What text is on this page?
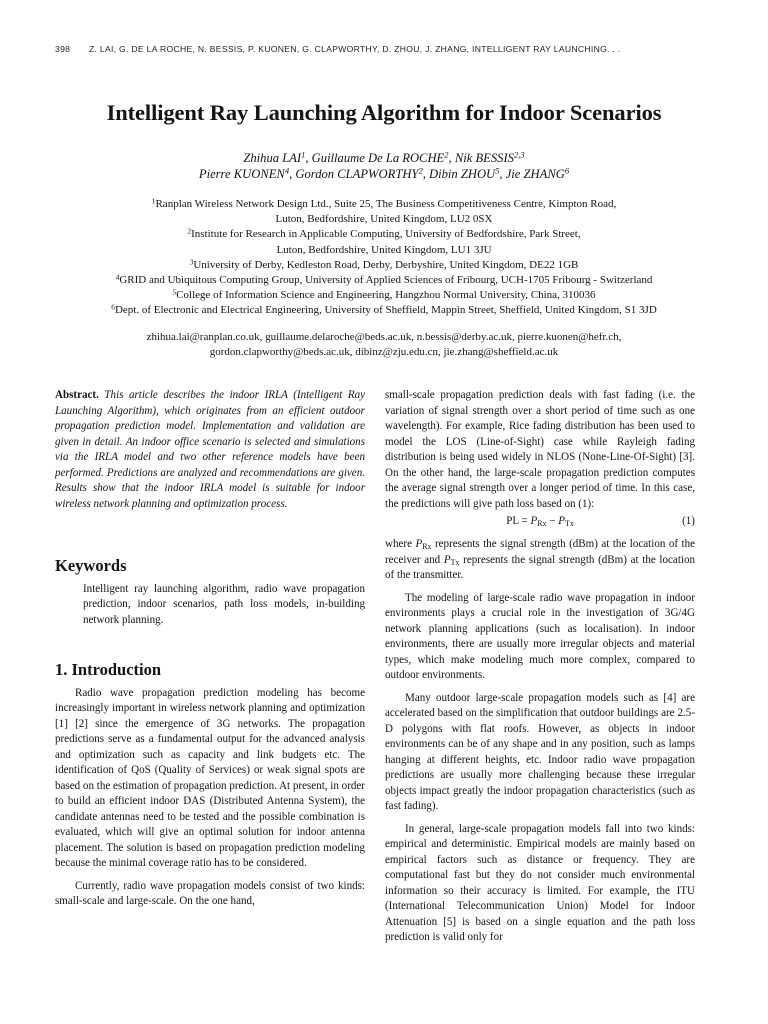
398 Z. LAI, G. DE LA ROCHE, N. BESSIS, P. KUONEN, G. CLAPWORTHY, D. ZHOU, J. ZHANG, INTELLIGENT RAY LAUNCHING. . .
Intelligent Ray Launching Algorithm for Indoor Scenarios
Zhihua LAI$^1$, Guillaume De La ROCHE$^2$, Nik BESSIS$^{2,3}$
Pierre KUONEN$^4$, Gordon CLAPWORTHY$^2$, Dibin ZHOU$^5$, Jie ZHANG$^6$
$^1$Ranplan Wireless Network Design Ltd., Suite 25, The Business Competitiveness Centre, Kimpton Road,
Luton, Bedfordshire, United Kingdom, LU2 0SX
$^2$Institute for Research in Applicable Computing, University of Bedfordshire, Park Street,
Luton, Bedfordshire, United Kingdom, LU1 3JU
$^3$University of Derby, Kedleston Road, Derby, Derbyshire, United Kingdom, DE22 1GB
$^4$GRID and Ubiquitous Computing Group, University of Applied Sciences of Fribourg, UCH-1705 Fribourg - Switzerland
$^5$College of Information Science and Engineering, Hangzhou Normal University, China, 310036
$^6$Dept. of Electronic and Electrical Engineering, University of Sheffield, Mappin Street, Sheffield, United Kingdom, S1 3JD
zhihua.lai@ranplan.co.uk, guillaume.delaroche@beds.ac.uk, n.bessis@derby.ac.uk, pierre.kuonen@hefr.ch,
gordon.clapworthy@beds.ac.uk, dibinz@zju.edu.cn, jie.zhang@sheffield.ac.uk

Abstract. This article describes the indoor IRLA (Intelligent Ray Launching Algorithm), which originates from an efficient outdoor propagation prediction model. Implementation and validation are given in detail. An indoor office scenario is selected and simulations via the IRLA model and two other reference models have been performed. Predictions are analyzed and recommendations are given. Results show that the indoor IRLA model is suitable for indoor wireless network planning and optimization process.

Keywords

Intelligent ray launching algorithm, radio wave propagation prediction, indoor scenarios, path loss models, in-building network planning.

1. Introduction

Radio wave propagation prediction modeling has become increasingly important in wireless network planning and optimization [1] [2] since the emergence of 3G networks. The propagation predictions serve as a fundamental output for the advanced analysis and optimization such as capacity and link budgets etc. The identification of QoS (Quality of Services) or weak signal spots are based on the estimation of propagation prediction. At present, in order to build an efficient indoor DAS (Distributed Antenna System), the candidate antennas need to be tested and the possible combination is evaluated, which will give an optimal solution for indoor antenna placement. The solution is based on propagation prediction modeling because the minimal coverage ratio has to be considered.

Currently, radio wave propagation models consist of two kinds: small-scale and large-scale. On the one hand,

small-scale propagation prediction deals with fast fading (i.e. the variation of signal strength over a short period of time such as one wavelength). For example, Rice fading distribution has been used to model the LOS (Line-of-Sight) case while Rayleigh fading distribution is being used widely in NLOS (None-Line-Of-Sight) [3]. On the other hand, the large-scale propagation prediction computes the average signal strength over a longer period of time. In this case, the predictions will give path loss based on (1):

PL = $P_{Rx} - P_{Tx}$	(1)

where $P_{Rx}$ represents the signal strength (dBm) at the location of the receiver and $P_{Tx}$ represents the signal strength (dBm) at the location of the transmitter.

The modeling of large-scale radio wave propagation in indoor environments plays a crucial role in the investigation of 3G/4G network planning applications (such as localisation). In indoor environments, there are usually more irregular objects and material types, which make modeling much more complex, compared to outdoor environments.

Many outdoor large-scale propagation models such as [4] are accelerated based on the simplification that outdoor buildings are 2.5-D polygons with flat roofs. However, as objects in indoor environments can be of any shape and in any position, such as lamps hanging at different heights, etc. Indoor radio wave propagation predictions are usually more challenging because these irregular objects impact greatly the indoor propagation characteristics (such as fast fading).

In general, large-scale propagation models fall into two kinds: empirical and deterministic. Empirical models are mainly based on empirical factors such as distance or frequency. They are computational fast but they do not consider much environmental information so their accuracy is limited. For example, the ITU (International Telecommunication Union) Model for Indoor Attenuation [5] is based on a single equation and the path loss prediction is valid only for
